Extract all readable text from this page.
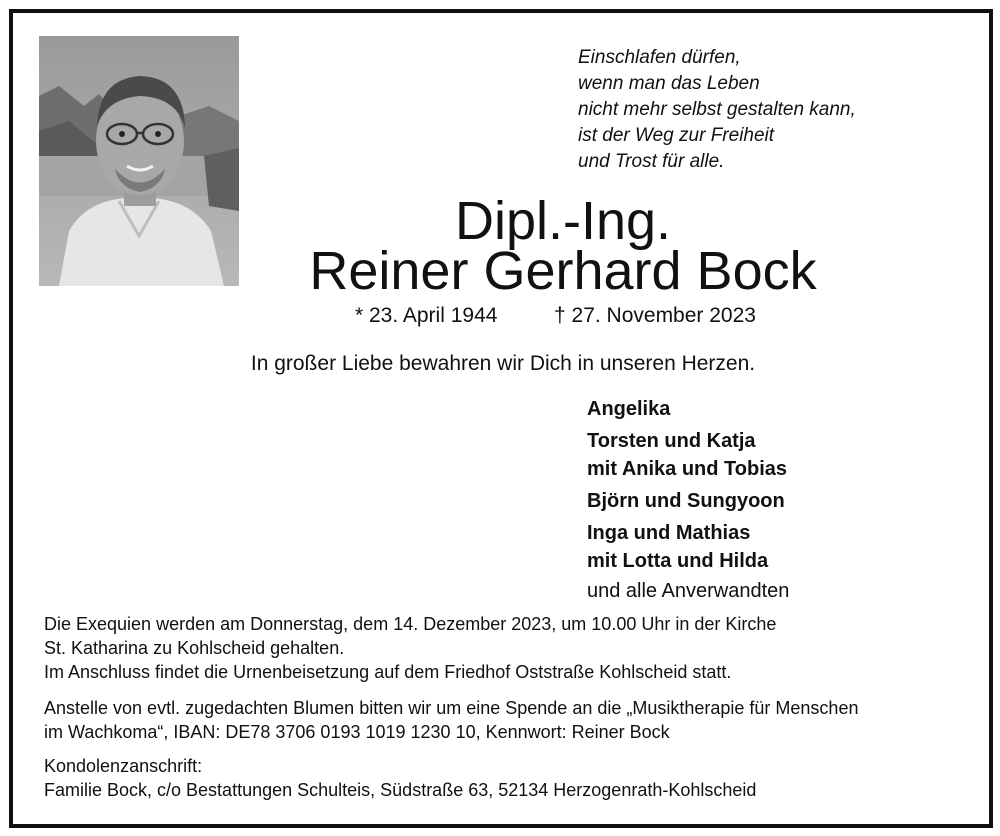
Einschlafen dürfen,
wenn man das Leben
nicht mehr selbst gestalten kann,
ist der Weg zur Freiheit
und Trost für alle.
Dipl.-Ing.
Reiner Gerhard Bock
* 23. April 1944	† 27. November 2023
In großer Liebe bewahren wir Dich in unseren Herzen.
Angelika
Torsten und Katja
mit Anika und Tobias
Björn und Sungyoon
Inga und Mathias
mit Lotta und Hilda
und alle Anverwandten
Die Exequien werden am Donnerstag, dem 14. Dezember 2023, um 10.00 Uhr in der Kirche
St. Katharina zu Kohlscheid gehalten.
Im Anschluss findet die Urnenbeisetzung auf dem Friedhof Oststraße Kohlscheid statt.
Anstelle von evtl. zugedachten Blumen bitten wir um eine Spende an die „Musiktherapie für Menschen
im Wachkoma“, IBAN: DE78 3706 0193 1019 1230 10, Kennwort: Reiner Bock
Kondolenzanschrift:
Familie Bock, c/o Bestattungen Schulteis, Südstraße 63, 52134 Herzogenrath-Kohlscheid
